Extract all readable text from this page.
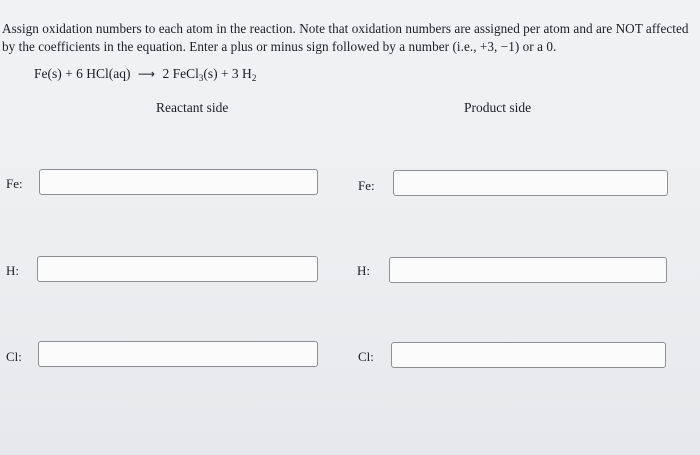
Assign oxidation numbers to each atom in the reaction. Note that oxidation numbers are assigned per atom and are NOT affected by the coefficients in the equation. Enter a plus or minus sign followed by a number (i.e., +3, −1) or a 0.
Fe(s) + 6 HCl(aq) ⟶ 2 FeCl$_3$(s) + 3 $H_2$
Reactant side	Product side
Fe:	Fe:
H:	H:
Cl:	Cl:
